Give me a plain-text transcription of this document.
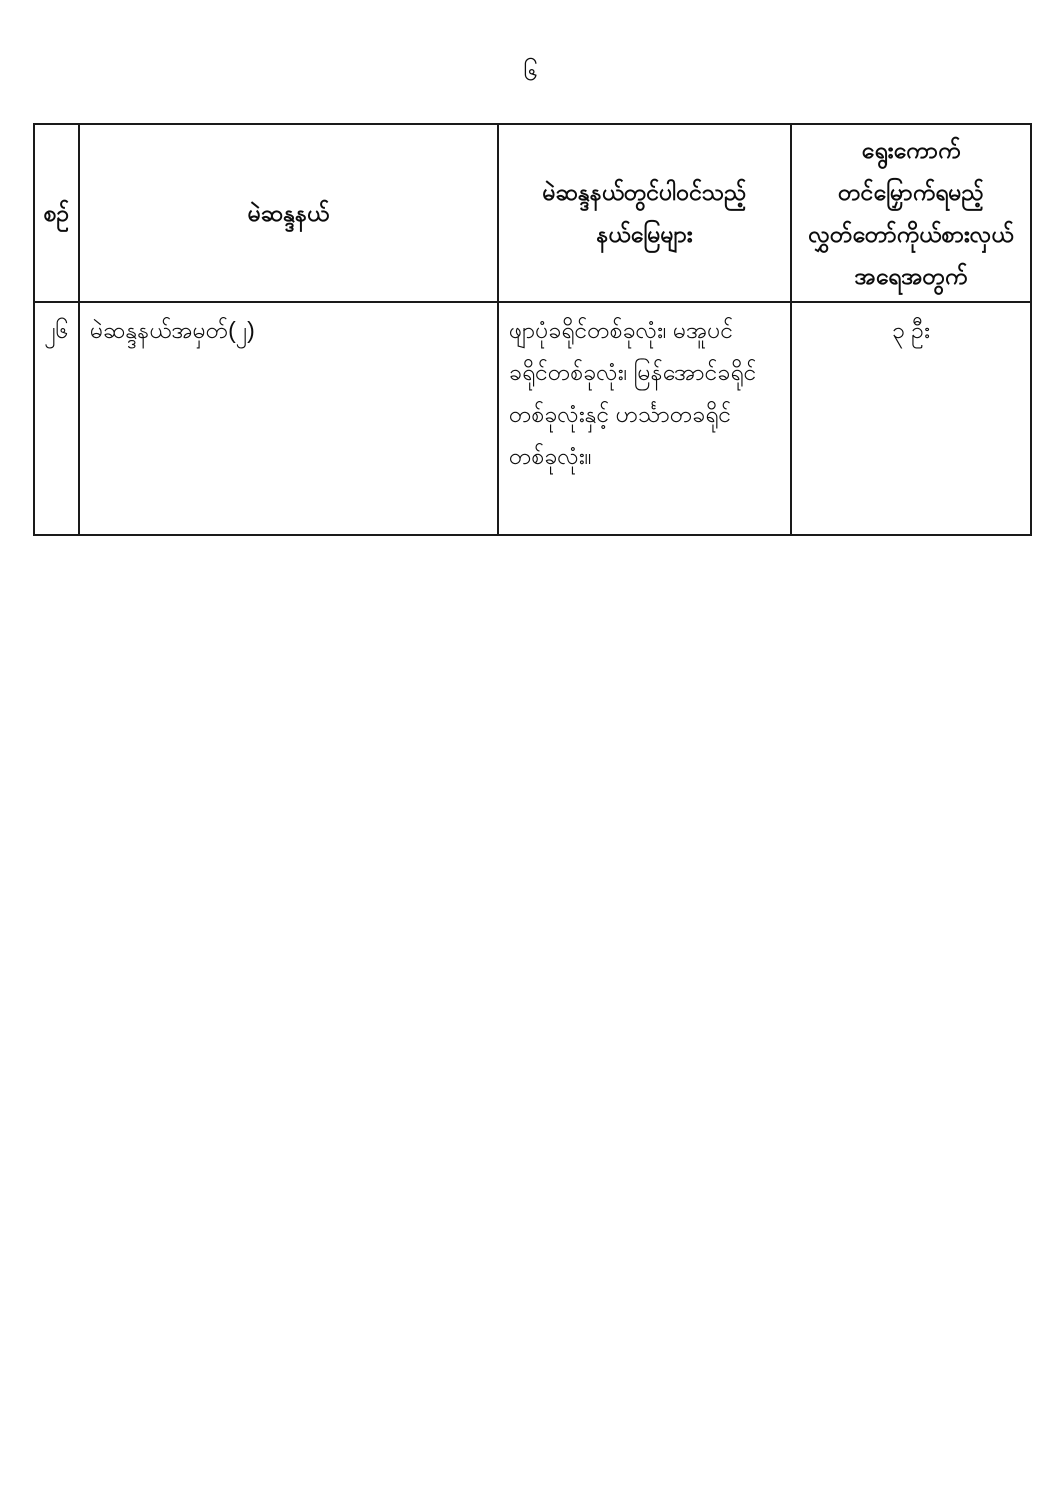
၆
စဉ်	မဲဆန္ဒနယ်	မဲဆန္ဒနယ်တွင်ပါဝင်သည့်
နယ်မြေများ	ရွေးကောက်
တင်မြှောက်ရမည့်
လွှတ်တော်ကိုယ်စားလှယ်
အရေအတွက်
၂၆	မဲဆန္ဒနယ်အမှတ်(၂)	ဖျာပုံခရိုင်တစ်ခုလုံး၊ မအူပင်
ခရိုင်တစ်ခုလုံး၊ မြန်အောင်ခရိုင်
တစ်ခုလုံးနှင့် ဟင်္သာတခရိုင်
တစ်ခုလုံး။	၃ ဦး
